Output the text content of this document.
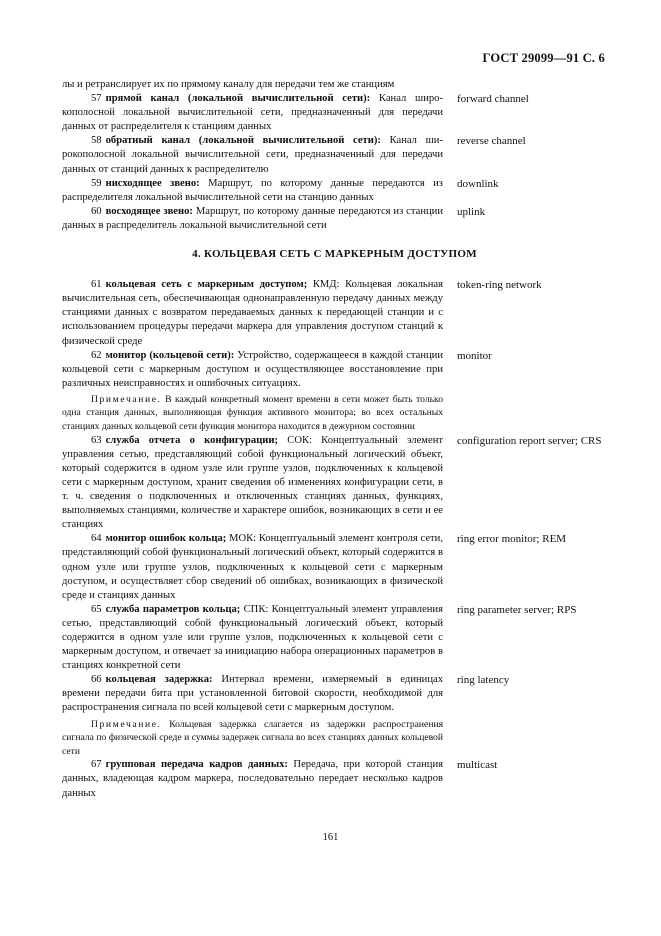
ГОСТ 29099—91 С. 6
лы и ретранслирует их по прямому каналу для передачи тем же станциям
57 прямой канал (локальной вычислительной сети): Канал широкополосной локальной вычислительной сети, предназначенный для передачи данных от распределителя к станциям данных
forward channel
58 обратный канал (локальной вычислительной сети): Канал широкополосной локальной вычислительной сети, предназначенный для передачи данных от станций данных к распределителю
reverse channel
59 нисходящее звено: Маршрут, по которому данные передаются из распределителя локальной вычислительной сети на станцию данных
downlink
60 восходящее звено: Маршрут, по которому данные передаются из станции данных в распределитель локальной вычислительной сети
uplink
4. КОЛЬЦЕВАЯ СЕТЬ С МАРКЕРНЫМ ДОСТУПОМ
61 кольцевая сеть с маркерным доступом; КМД: Кольцевая локальная вычислительная сеть, обеспечивающая однонаправленную передачу данных между станциями данных с возвратом передаваемых данных к передающей станции и с использованием процедуры передачи маркера для управления доступом станций к физической среде
token-ring network
62 монитор (кольцевой сети): Устройство, содержащееся в каждой станции кольцевой сети с маркерным доступом и осуществляющее восстановление при различных неисправностях и ошибочных ситуациях.
monitor
Примечание. В каждый конкретный момент времени в сети может быть только одна станция данных, выполняющая функция активного монитора; во всех остальных станциях данных кольцевой сети функция монитора находится в дежурном состоянии
63 служба отчета о конфигурации; СОК: Концептуальный элемент управления сетью, представляющий собой функциональный логический объект, который содержится в одном узле или группе узлов, подключенных к кольцевой сети с маркерным доступом, хранит сведения об изменениях конфигурации сети, в т. ч. сведения о подключенных и отключенных станциях данных, функциях, выполняемых станциями, количестве и характере ошибок, возникающих в сети и ее станциях
configuration report server; CRS
64 монитор ошибок кольца; МОК: Концептуальный элемент контроля сети, представляющий собой функциональный логический объект, который содержится в одном узле или группе узлов, подключенных к кольцевой сети с маркерным доступом, и осуществляет сбор сведений об ошибках, возникающих в физической среде и станциях данных
ring error monitor; REM
65 служба параметров кольца; СПК: Концептуальный элемент управления сетью, представляющий собой функциональный логический объект, который содержится в одном узле или группе узлов, подключенных к кольцевой сети с маркерным доступом, и отвечает за инициацию набора операционных параметров в станциях конкретной сети
ring parameter server; RPS
66 кольцевая задержка: Интервал времени, измеряемый в единицах времени передачи бита при установленной битовой скорости, необходимой для распространения сигнала по всей кольцевой сети с маркерным доступом.
ring latency
Примечание. Кольцевая задержка слагается из задержки распространения сигнала по физической среде и суммы задержек сигнала во всех станциях данных кольцевой сети
67 групповая передача кадров данных: Передача, при которой станция данных, владеющая кадром маркера, последовательно передает несколько кадров данных
multicast
161
